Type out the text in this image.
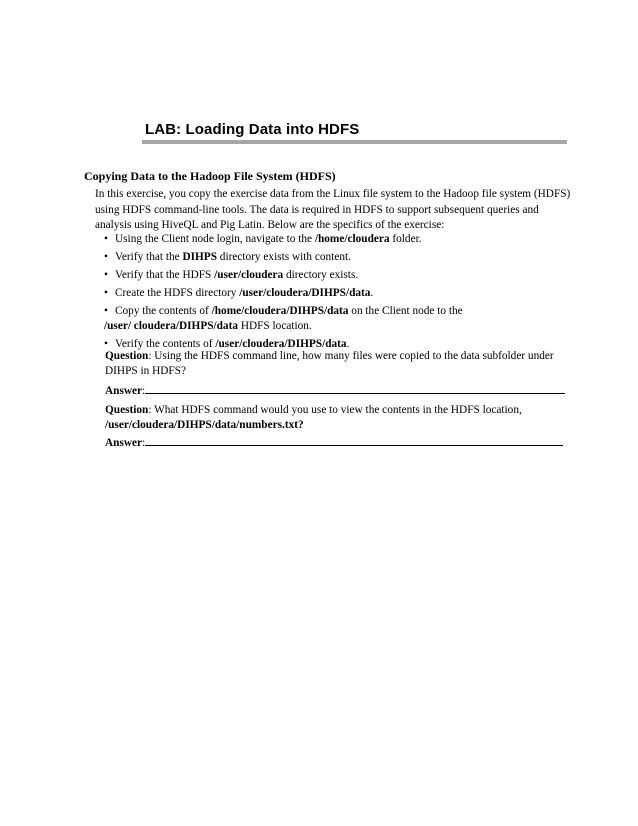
LAB: Loading Data into HDFS
Copying Data to the Hadoop File System (HDFS)
In this exercise, you copy the exercise data from the Linux file system to the Hadoop file system (HDFS) using HDFS command-line tools. The data is required in HDFS to support subsequent queries and analysis using HiveQL and Pig Latin. Below are the specifics of the exercise:
• Using the Client node login, navigate to the /home/cloudera folder.
• Verify that the DIHPS directory exists with content.
• Verify that the HDFS /user/cloudera directory exists.
• Create the HDFS directory /user/cloudera/DIHPS/data.
• Copy the contents of /home/cloudera/DIHPS/data on the Client node to the
/user/ cloudera/DIHPS/data HDFS location.
• Verify the contents of /user/cloudera/DIHPS/data.
Question: Using the HDFS command line, how many files were copied to the data subfolder under DIHPS in HDFS?
Answer:
Question: What HDFS command would you use to view the contents in the HDFS location,
/user/cloudera/DIHPS/data/numbers.txt?
Answer:
